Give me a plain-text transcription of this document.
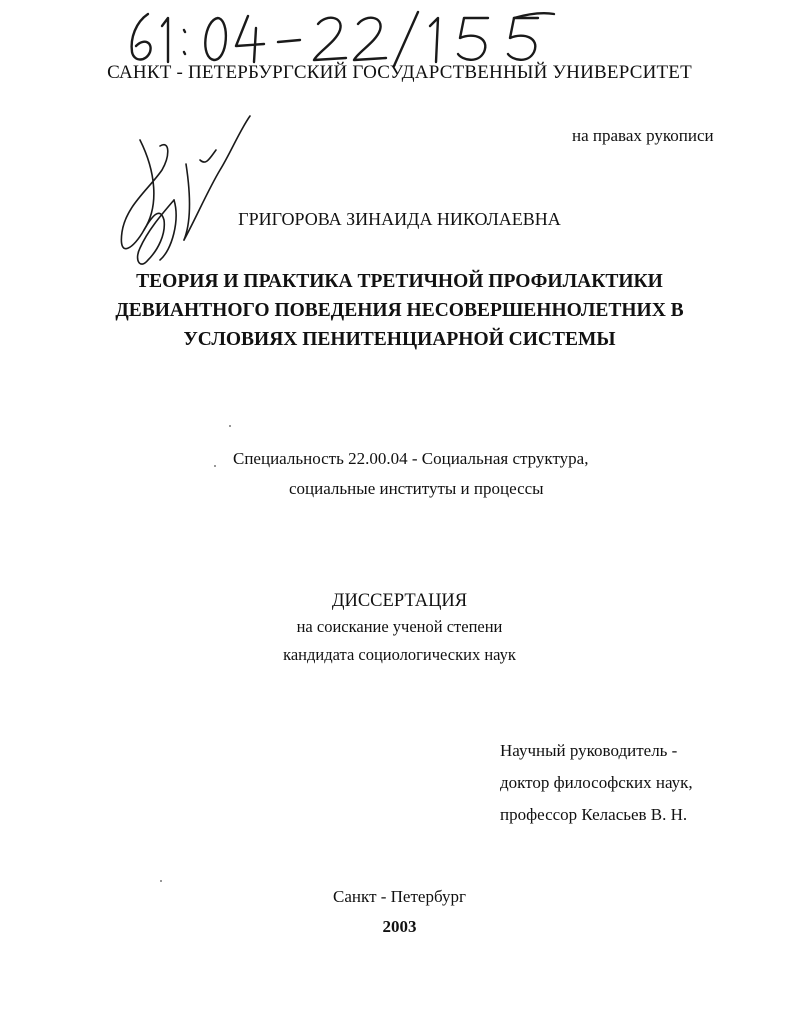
САНКТ - ПЕТЕРБУРГСКИЙ ГОСУДАРСТВЕННЫЙ УНИВЕРСИТЕТ
на правах рукописи
ГРИГОРОВА ЗИНАИДА НИКОЛАЕВНА
ТЕОРИЯ И ПРАКТИКА ТРЕТИЧНОЙ ПРОФИЛАКТИКИ
ДЕВИАНТНОГО ПОВЕДЕНИЯ НЕСОВЕРШЕННОЛЕТНИХ В
УСЛОВИЯХ ПЕНИТЕНЦИАРНОЙ СИСТЕМЫ
Специальность 22.00.04 - Социальная структура,
социальные институты и процессы
ДИССЕРТАЦИЯ
на соискание ученой степени
кандидата социологических наук
Научный руководитель -
доктор философских наук,
профессор Келасьев В. Н.
Санкт - Петербург
2003
